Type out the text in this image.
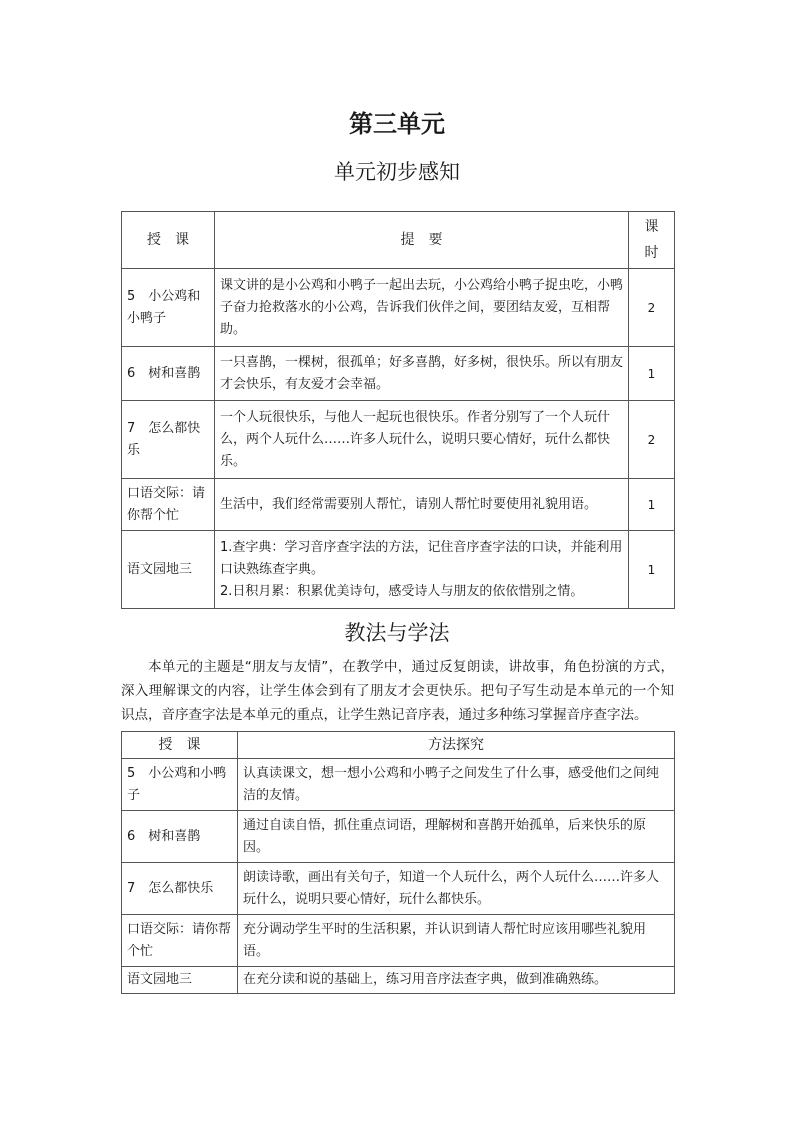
第三单元
单元初步感知
授　课	提　要	课
时
5　小公鸡和小鸭子	课文讲的是小公鸡和小鸭子一起出去玩，小公鸡给小鸭子捉虫吃，小鸭子奋力抢救落水的小公鸡，告诉我们伙伴之间，要团结友爱，互相帮助。	2
6　树和喜鹊	一只喜鹊，一棵树，很孤单；好多喜鹊，好多树，很快乐。所以有朋友才会快乐，有友爱才会幸福。	1
7　怎么都快乐	一个人玩很快乐，与他人一起玩也很快乐。作者分别写了一个人玩什么，两个人玩什么……许多人玩什么，说明只要心情好，玩什么都快乐。	2
口语交际：请你帮个忙	生活中，我们经常需要别人帮忙，请别人帮忙时要使用礼貌用语。	1
语文园地三	1.查字典：学习音序查字法的方法，记住音序查字法的口诀，并能利用口诀熟练查字典。
2.日积月累：积累优美诗句，感受诗人与朋友的依依惜别之情。	1
教法与学法

本单元的主题是“朋友与友情”，在教学中，通过反复朗读，讲故事，角色扮演的方式，深入理解课文的内容，让学生体会到有了朋友才会更快乐。把句子写生动是本单元的一个知识点，音序查字法是本单元的重点，让学生熟记音序表，通过多种练习掌握音序查字法。

授　课	方法探究
5　小公鸡和小鸭子	认真读课文，想一想小公鸡和小鸭子之间发生了什么事，感受他们之间纯洁的友情。
6　树和喜鹊	通过自读自悟，抓住重点词语，理解树和喜鹊开始孤单，后来快乐的原因。
7　怎么都快乐	朗读诗歌，画出有关句子，知道一个人玩什么，两个人玩什么……许多人玩什么，说明只要心情好，玩什么都快乐。
口语交际：请你帮个忙	充分调动学生平时的生活积累，并认识到请人帮忙时应该用哪些礼貌用语。
语文园地三	在充分读和说的基础上，练习用音序法查字典，做到准确熟练。
